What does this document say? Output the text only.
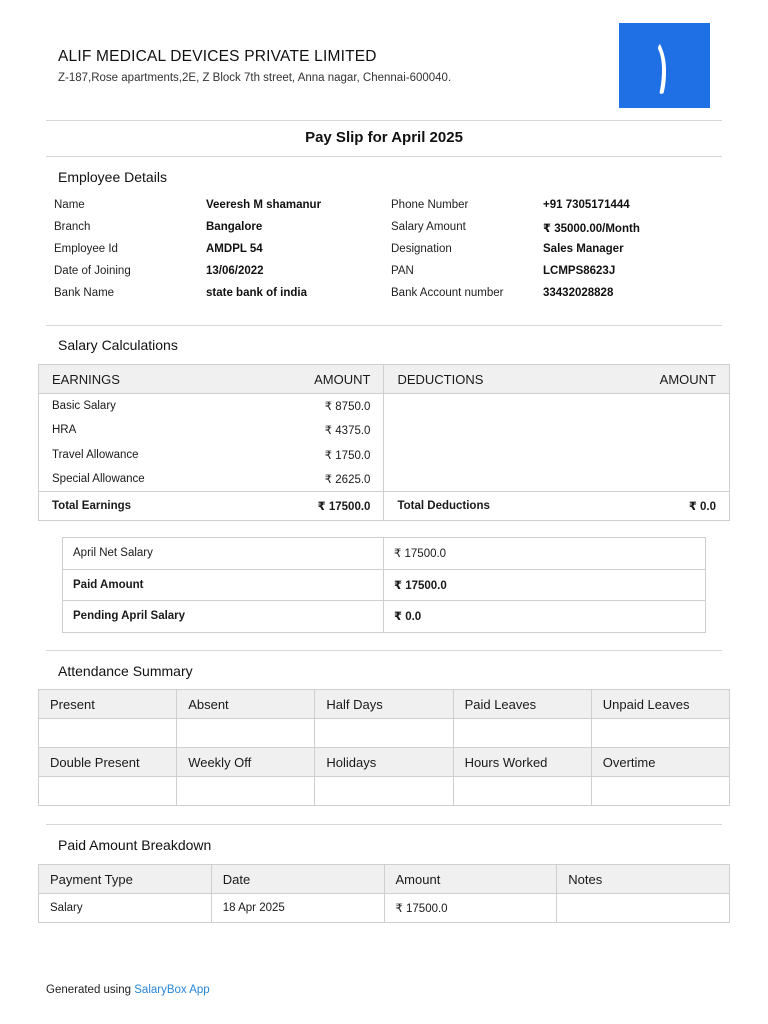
ALIF MEDICAL DEVICES PRIVATE LIMITED
Z-187,Rose apartments,2E, Z Block 7th street, Anna nagar, Chennai-600040.
Pay Slip for April 2025
Employee Details
Name	Veeresh M shamanur	Phone Number	+91 7305171444
Branch	Bangalore	Salary Amount	₹ 35000.00/Month
Employee Id	AMDPL 54	Designation	Sales Manager
Date of Joining	13/06/2022	PAN	LCMPS8623J
Bank Name	state bank of india	Bank Account number	33432028828
Salary Calculations
EARNINGS	AMOUNT	DEDUCTIONS	AMOUNT
Basic Salary	₹ 8750.0		
HRA	₹ 4375.0		
Travel Allowance	₹ 1750.0		
Special Allowance	₹ 2625.0		
Total Earnings	₹ 17500.0	Total Deductions	₹ 0.0
April Net Salary	₹ 17500.0
Paid Amount	₹ 17500.0
Pending April Salary	₹ 0.0
Attendance Summary
Present	Absent	Half Days	Paid Leaves	Unpaid Leaves

Double Present	Weekly Off	Holidays	Hours Worked	Overtime

Paid Amount Breakdown
Payment Type	Date	Amount	Notes
Salary	18 Apr 2025	₹ 17500.0	
Generated using SalaryBox App
